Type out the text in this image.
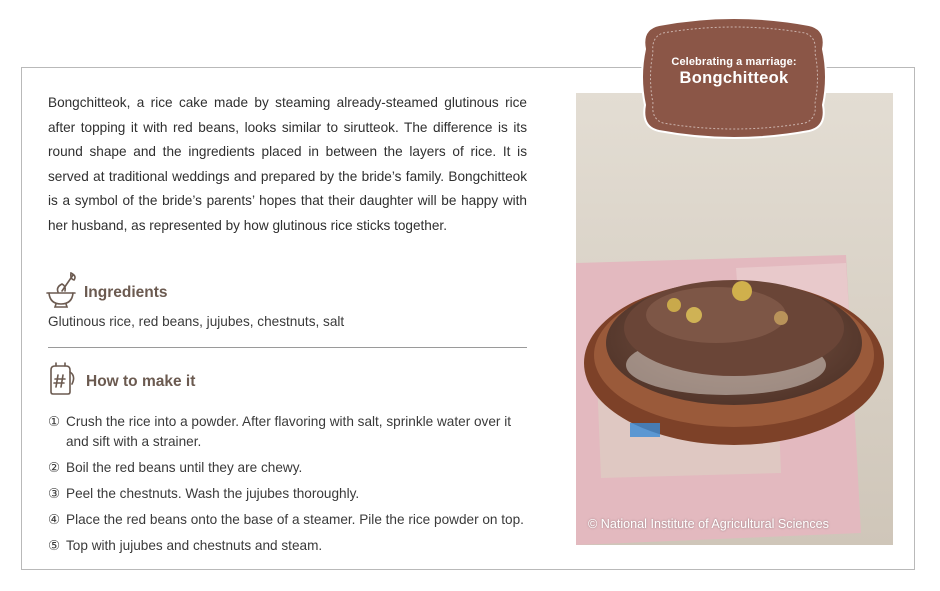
Bongchitteok, a rice cake made by steaming already-steamed glutinous rice after topping it with red beans, looks similar to sirutteok. The difference is its round shape and the ingredients placed in between the layers of rice. It is served at traditional weddings and prepared by the bride’s family. Bongchitteok is a symbol of the bride’s parents’ hopes that their daughter will be happy with her husband, as represented by how glutinous rice sticks together.

Ingredients
Glutinous rice, red beans, jujubes, chestnuts, salt
How to make it
① Crush the rice into a powder. After flavoring with salt, sprinkle water over it and sift with a strainer.
② Boil the red beans until they are chewy.
③ Peel the chestnuts. Wash the jujubes thoroughly.
④ Place the red beans onto the base of a steamer. Pile the rice powder on top.
⑤ Top with jujubes and chestnuts and steam.
© National Institute of Agricultural Sciences
Celebrating a marriage:
Bongchitteok
